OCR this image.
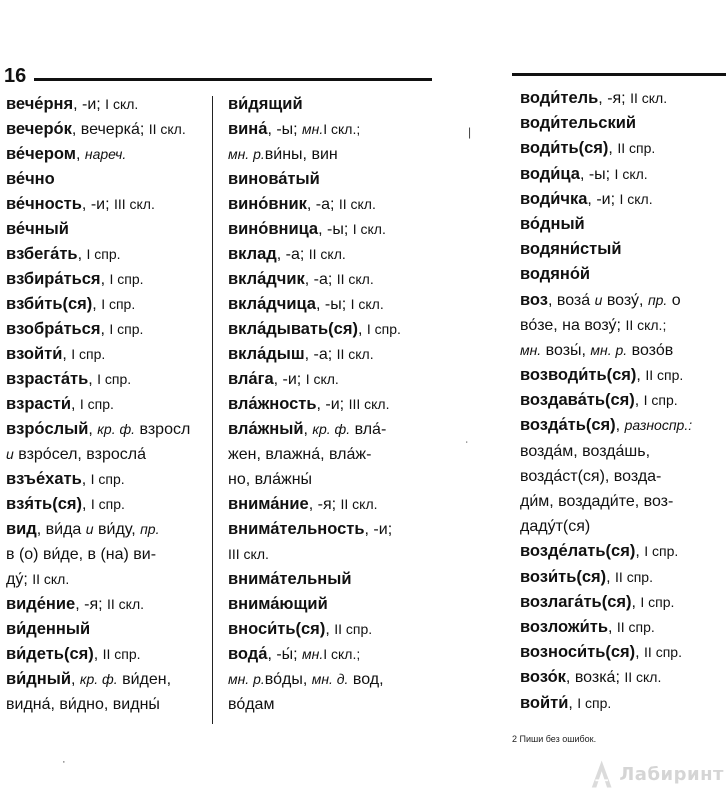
16
вече́рня, -и; I скл.
вечеро́к, вечерка́; II скл.
ве́чером, нареч.
ве́чно
ве́чность, -и; III скл.
ве́чный
взбега́ть, I спр.
взбира́ться, I спр.
взби́ть(ся), I спр.
взобра́ться, I спр.
взойти́, I спр.
взраста́ть, I спр.
взрасти́, I спр.
взро́слый, кр. ф. взросл
и взро́сел, взросла́
взъе́хать, I спр.
взя́ть(ся), I спр.
вид, ви́да и ви́ду, пр.
в (о) ви́де, в (на) ви-
ду́; II скл.
виде́ние, -я; II скл.
ви́денный
ви́деть(ся), II спр.
ви́дный, кр. ф. ви́ден,
видна́, ви́дно, видны́
ви́дящий
вина́, -ы; мн.I скл.;
мн. р.ви́ны, вин
винова́тый
вино́вник, -а; II скл.
вино́вница, -ы; I скл.
вклад, -а; II скл.
вкла́дчик, -а; II скл.
вкла́дчица, -ы; I скл.
вкла́дывать(ся), I спр.
вкла́дыш, -а; II скл.
вла́га, -и; I скл.
вла́жность, -и; III скл.
вла́жный, кр. ф. вла́-
жен, влажна́, вла́ж-
но, вла́жны́
внима́ние, -я; II скл.
внима́тельность, -и;
III скл.
внима́тельный
внима́ющий
вноси́ть(ся), II спр.
вода́, -ы́; мн.I скл.;
мн. р.во́ды, мн. д. вод,
во́дам
води́тель, -я; II скл.
води́тельский
води́ть(ся), II спр.
води́ца, -ы; I скл.
води́чка, -и; I скл.
во́дный
водяни́стый
водяно́й
воз, воза́ и возу́, пр. о
во́зе, на возу́; II скл.;
мн. возы́, мн. р. возо́в
возводи́ть(ся), II спр.
воздава́ть(ся), I спр.
возда́ть(ся), разноспр.:
возда́м, возда́шь,
возда́ст(ся), возда-
ди́м, воздади́те, воз-
даду́т(ся)
возде́лать(ся), I спр.
вози́ть(ся), II спр.
возлага́ть(ся), I спр.
возложи́ть, II спр.
возноси́ть(ся), II спр.
возо́к, возка́; II скл.
войти́, I спр.
❘
ˌ
·
2 Пиши без ошибок.
Лабиринт
